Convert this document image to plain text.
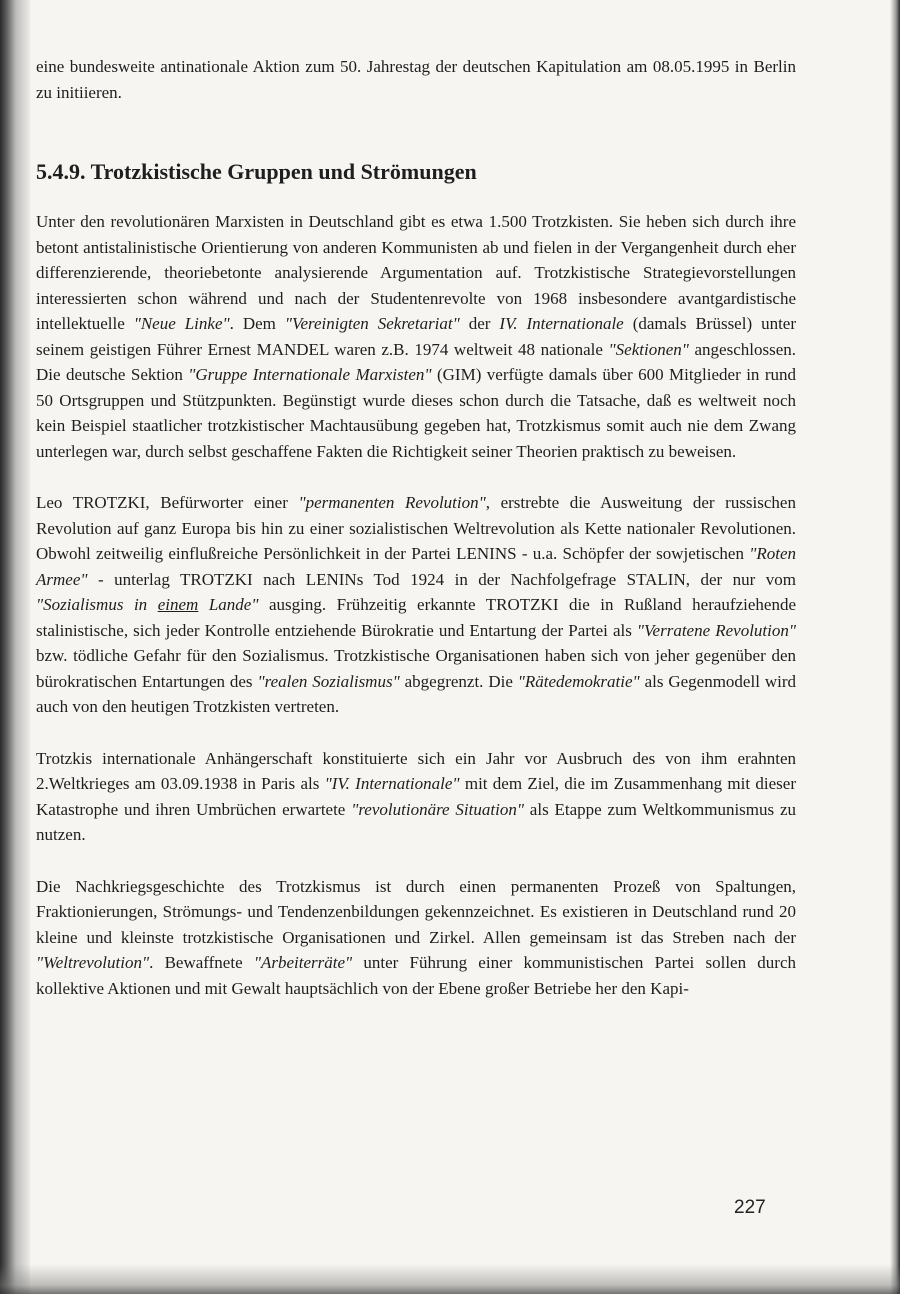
eine bundesweite antinationale Aktion zum 50. Jahrestag der deutschen Kapitulation am 08.05.1995 in Berlin zu initiieren.

5.4.9. Trotzkistische Gruppen und Strömungen

Unter den revolutionären Marxisten in Deutschland gibt es etwa 1.500 Trotzkisten. Sie heben sich durch ihre betont antistalinistische Orientierung von anderen Kommunisten ab und fielen in der Vergangenheit durch eher differenzierende, theoriebetonte analysierende Argumentation auf. Trotzkistische Strategievorstellungen interessierten schon während und nach der Studentenrevolte von 1968 insbesondere avantgardistische intellektuelle "Neue Linke". Dem "Vereinigten Sekretariat" der IV. Internationale (damals Brüssel) unter seinem geistigen Führer Ernest MANDEL waren z.B. 1974 weltweit 48 nationale "Sektionen" angeschlossen. Die deutsche Sektion "Gruppe Internationale Marxisten" (GIM) verfügte damals über 600 Mitglieder in rund 50 Ortsgruppen und Stützpunkten. Begünstigt wurde dieses schon durch die Tatsache, daß es weltweit noch kein Beispiel staatlicher trotzkistischer Machtausübung gegeben hat, Trotzkismus somit auch nie dem Zwang unterlegen war, durch selbst geschaffene Fakten die Richtigkeit seiner Theorien praktisch zu beweisen.

Leo TROTZKI, Befürworter einer "permanenten Revolution", erstrebte die Ausweitung der russischen Revolution auf ganz Europa bis hin zu einer sozialistischen Weltrevolution als Kette nationaler Revolutionen. Obwohl zeitweilig einflußreiche Persönlichkeit in der Partei LENINS - u.a. Schöpfer der sowjetischen "Roten Armee" - unterlag TROTZKI nach LENINs Tod 1924 in der Nachfolgefrage STALIN, der nur vom "Sozialismus in einem Lande" ausging. Frühzeitig erkannte TROTZKI die in Rußland heraufziehende stalinistische, sich jeder Kontrolle entziehende Bürokratie und Entartung der Partei als "Verratene Revolution" bzw. tödliche Gefahr für den Sozialismus. Trotzkistische Organisationen haben sich von jeher gegenüber den bürokratischen Entartungen des "realen Sozialismus" abgegrenzt. Die "Rätedemokratie" als Gegenmodell wird auch von den heutigen Trotzkisten vertreten.

Trotzkis internationale Anhängerschaft konstituierte sich ein Jahr vor Ausbruch des von ihm erahnten 2.Weltkrieges am 03.09.1938 in Paris als "IV. Internationale" mit dem Ziel, die im Zusammenhang mit dieser Katastrophe und ihren Umbrüchen erwartete "revolutionäre Situation" als Etappe zum Weltkommunismus zu nutzen.

Die Nachkriegsgeschichte des Trotzkismus ist durch einen permanenten Prozeß von Spaltungen, Fraktionierungen, Strömungs- und Tendenzenbildungen gekennzeichnet. Es existieren in Deutschland rund 20 kleine und kleinste trotzkistische Organisationen und Zirkel. Allen gemeinsam ist das Streben nach der "Weltrevolution". Bewaffnete "Arbeiterräte" unter Führung einer kommunistischen Partei sollen durch kollektive Aktionen und mit Gewalt hauptsächlich von der Ebene großer Betriebe her den Kapi-

227
